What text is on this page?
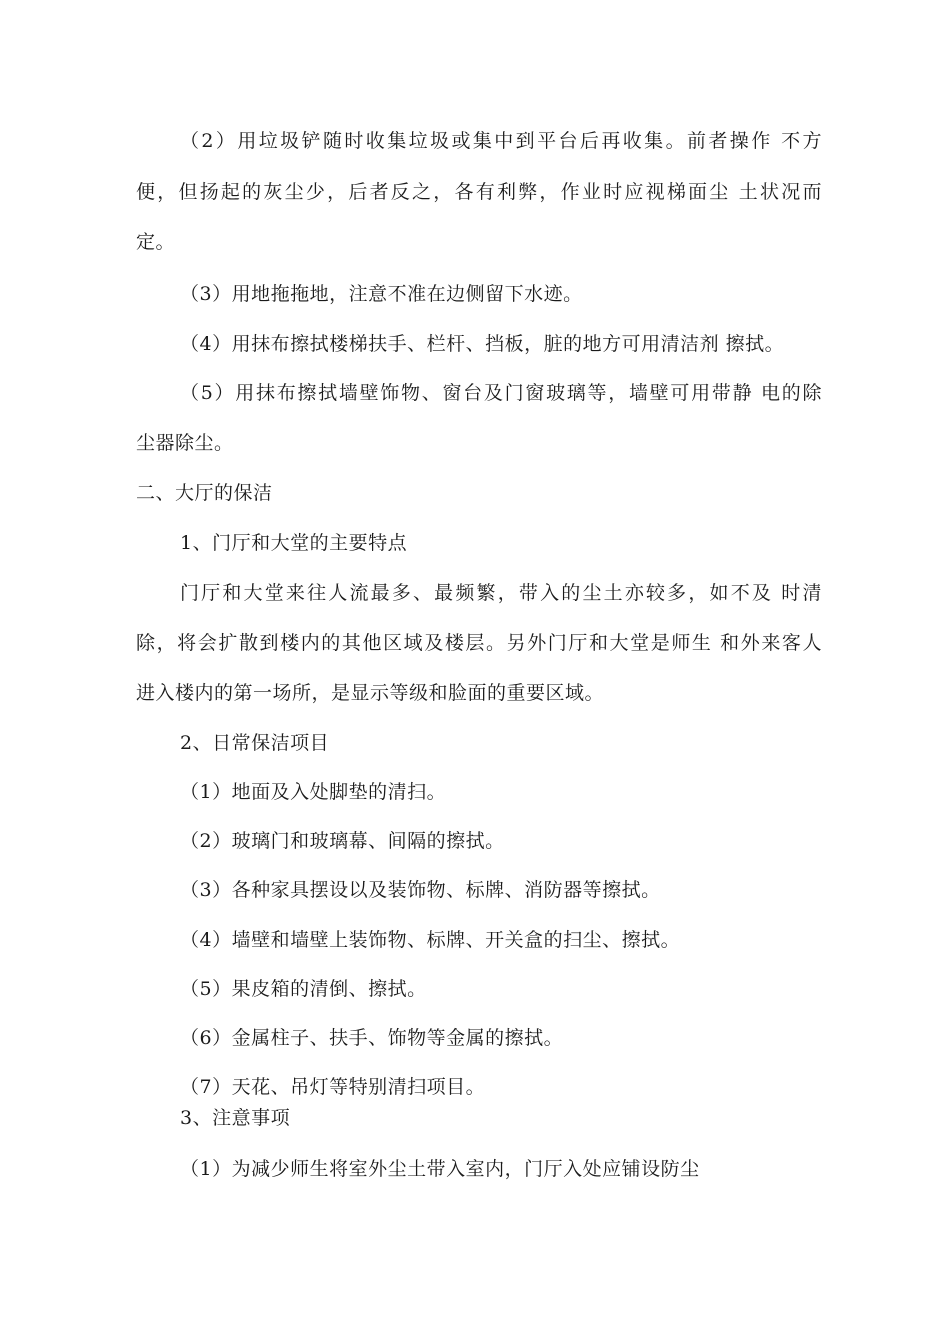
（2）用垃圾铲随时收集垃圾或集中到平台后再收集。前者操作 不方
便，但扬起的灰尘少，后者反之，各有利弊，作业时应视梯面尘 土状况而
定。
（3）用地拖拖地，注意不准在边侧留下水迹。
（4）用抹布擦拭楼梯扶手、栏杆、挡板，脏的地方可用清洁剂 擦拭。
（5）用抹布擦拭墙壁饰物、窗台及门窗玻璃等，墙壁可用带静 电的除
尘器除尘。
二、大厅的保洁
1、门厅和大堂的主要特点
门厅和大堂来往人流最多、最频繁，带入的尘土亦较多，如不及 时清
除，将会扩散到楼内的其他区域及楼层。另外门厅和大堂是师生 和外来客人
进入楼内的第一场所，是显示等级和脸面的重要区域。
2、日常保洁项目
（1）地面及入处脚垫的清扫。
（2）玻璃门和玻璃幕、间隔的擦拭。
（3）各种家具摆设以及装饰物、标牌、消防器等擦拭。
（4）墙壁和墙壁上装饰物、标牌、开关盒的扫尘、擦拭。
（5）果皮箱的清倒、擦拭。
（6）金属柱子、扶手、饰物等金属的擦拭。
（7）天花、吊灯等特别清扫项目。
3、注意事项
（1）为减少师生将室外尘土带入室内，门厅入处应铺设防尘
